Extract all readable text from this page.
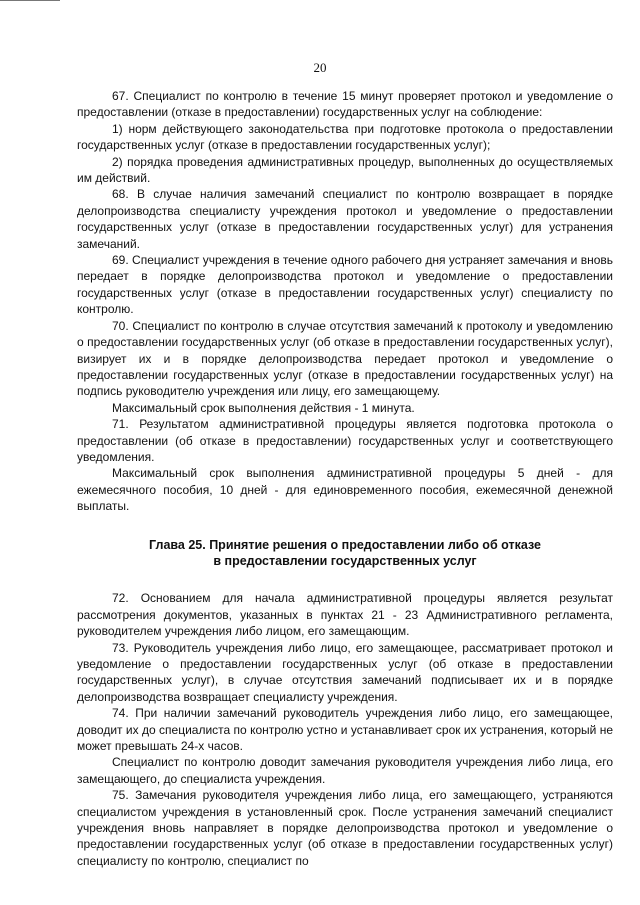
20

67. Специалист по контролю в течение 15 минут проверяет протокол и уведомление о предоставлении (отказе в предоставлении) государственных услуг на соблюдение:

1) норм действующего законодательства при подготовке протокола о предоставлении государственных услуг (отказе в предоставлении государственных услуг);

2) порядка проведения административных процедур, выполненных до осуществляемых им действий.

68. В случае наличия замечаний специалист по контролю возвращает в порядке делопроизводства специалисту учреждения протокол и уведомление о предоставлении государственных услуг (отказе в предоставлении государственных услуг) для устранения замечаний.

69. Специалист учреждения в течение одного рабочего дня устраняет замечания и вновь передает в порядке делопроизводства протокол и уведомление о предоставлении государственных услуг (отказе в предоставлении государственных услуг) специалисту по контролю.

70. Специалист по контролю в случае отсутствия замечаний к протоколу и уведомлению о предоставлении государственных услуг (об отказе в предоставлении государственных услуг), визирует их и в порядке делопроизводства передает протокол и уведомление о предоставлении государственных услуг (отказе в предоставлении государственных услуг) на подпись руководителю учреждения или лицу, его замещающему.

Максимальный срок выполнения действия - 1 минута.

71. Результатом административной процедуры является подготовка протокола о предоставлении (об отказе в предоставлении) государственных услуг и соответствующего уведомления.

Максимальный срок выполнения административной процедуры 5 дней - для ежемесячного пособия, 10 дней - для единовременного пособия, ежемесячной денежной выплаты.

Глава 25. Принятие решения о предоставлении либо об отказе
в предоставлении государственных услуг

72. Основанием для начала административной процедуры является результат рассмотрения документов, указанных в пунктах 21 - 23 Административного регламента, руководителем учреждения либо лицом, его замещающим.

73. Руководитель учреждения либо лицо, его замещающее, рассматривает протокол и уведомление о предоставлении государственных услуг (об отказе в предоставлении государственных услуг), в случае отсутствия замечаний подписывает их и в порядке делопроизводства возвращает специалисту учреждения.

74. При наличии замечаний руководитель учреждения либо лицо, его замещающее, доводит их до специалиста по контролю устно и устанавливает срок их устранения, который не может превышать 24-х часов.

Специалист по контролю доводит замечания руководителя учреждения либо лица, его замещающего, до специалиста учреждения.

75. Замечания руководителя учреждения либо лица, его замещающего, устраняются специалистом учреждения в установленный срок. После устранения замечаний специалист учреждения вновь направляет в порядке делопроизводства протокол и уведомление о предоставлении государственных услуг (об отказе в предоставлении государственных услуг) специалисту по контролю, специалист по
